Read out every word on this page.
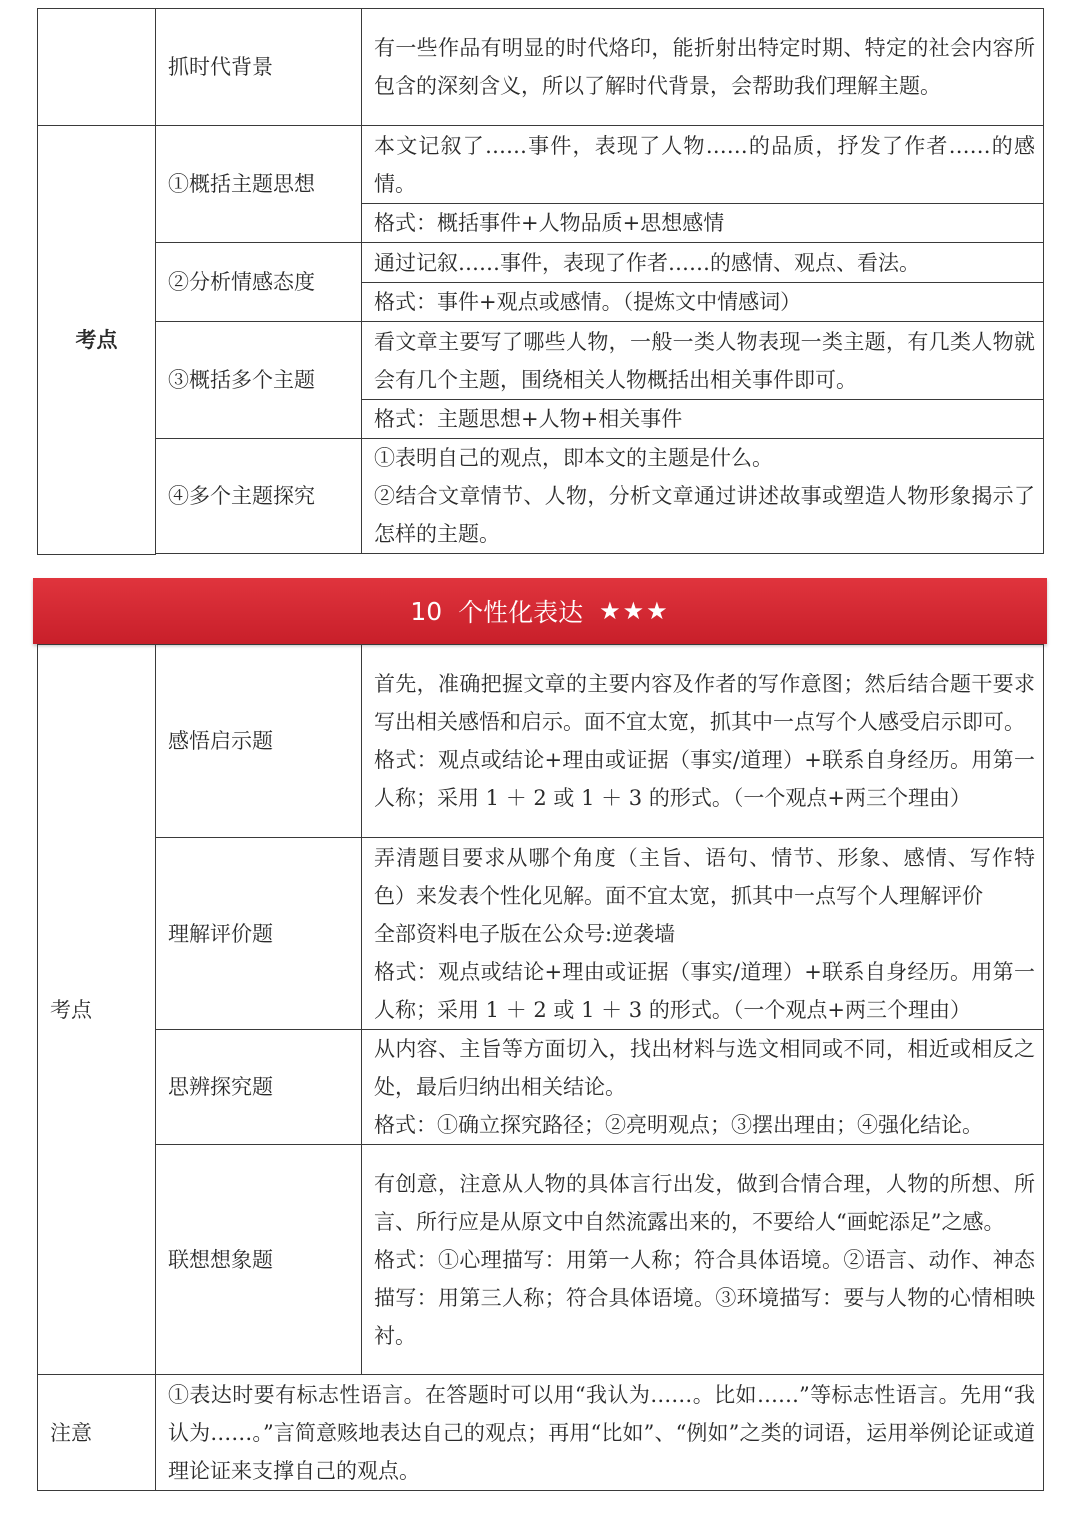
	抓时代背景	有一些作品有明显的时代烙印，能折射出特定时期、特定的社会内容所包含的深刻含义，所以了解时代背景，会帮助我们理解主题。
考点	①概括主题思想	本文记叙了……事件，表现了人物……的品质，抒发了作者……的感情。
		格式：概括事件+人物品质+思想感情
	②分析情感态度	通过记叙……事件，表现了作者……的感情、观点、看法。
		格式：事件+观点或感情。（提炼文中情感词）
	③概括多个主题	看文章主要写了哪些人物，一般一类人物表现一类主题，有几类人物就会有几个主题，围绕相关人物概括出相关事件即可。
		格式：主题思想+人物+相关事件
	④多个主题探究	①表明自己的观点，即本文的主题是什么。
②结合文章情节、人物，分析文章通过讲述故事或塑造人物形象揭示了怎样的主题。

10 个性化表达 ★★★
考点	感悟启示题	首先，准确把握文章的主要内容及作者的写作意图；然后结合题干要求写出相关感悟和启示。面不宜太宽，抓其中一点写个人感受启示即可。
格式：观点或结论+理由或证据（事实/道理）+联系自身经历。用第一人称；采用 1 ＋ 2 或 1 ＋ 3 的形式。（一个观点+两三个理由）

	理解评价题	弄清题目要求从哪个角度（主旨、语句、情节、形象、感情、写作特色）来发表个性化见解。面不宜太宽，抓其中一点写个人理解评价
全部资料电子版在公众号:逆袭墙
格式：观点或结论+理由或证据（事实/道理）+联系自身经历。用第一人称；采用 1 ＋ 2 或 1 ＋ 3 的形式。（一个观点+两三个理由）

	思辨探究题	从内容、主旨等方面切入，找出材料与选文相同或不同，相近或相反之处，最后归纳出相关结论。
格式：①确立探究路径；②亮明观点；③摆出理由；④强化结论。

	联想想象题	有创意，注意从人物的具体言行出发，做到合情合理，人物的所想、所言、所行应是从原文中自然流露出来的，不要给人“画蛇添足”之感。
格式：①心理描写：用第一人称；符合具体语境。②语言、动作、神态描写：用第三人称；符合具体语境。③环境描写：要与人物的心情相映衬。

注意	①表达时要有标志性语言。在答题时可以用“我认为……。比如……”等标志性语言。先用“我认为……。”言简意赅地表达自己的观点；再用“比如”、“例如”之类的词语，运用举例论证或道理论证来支撑自己的观点。	
